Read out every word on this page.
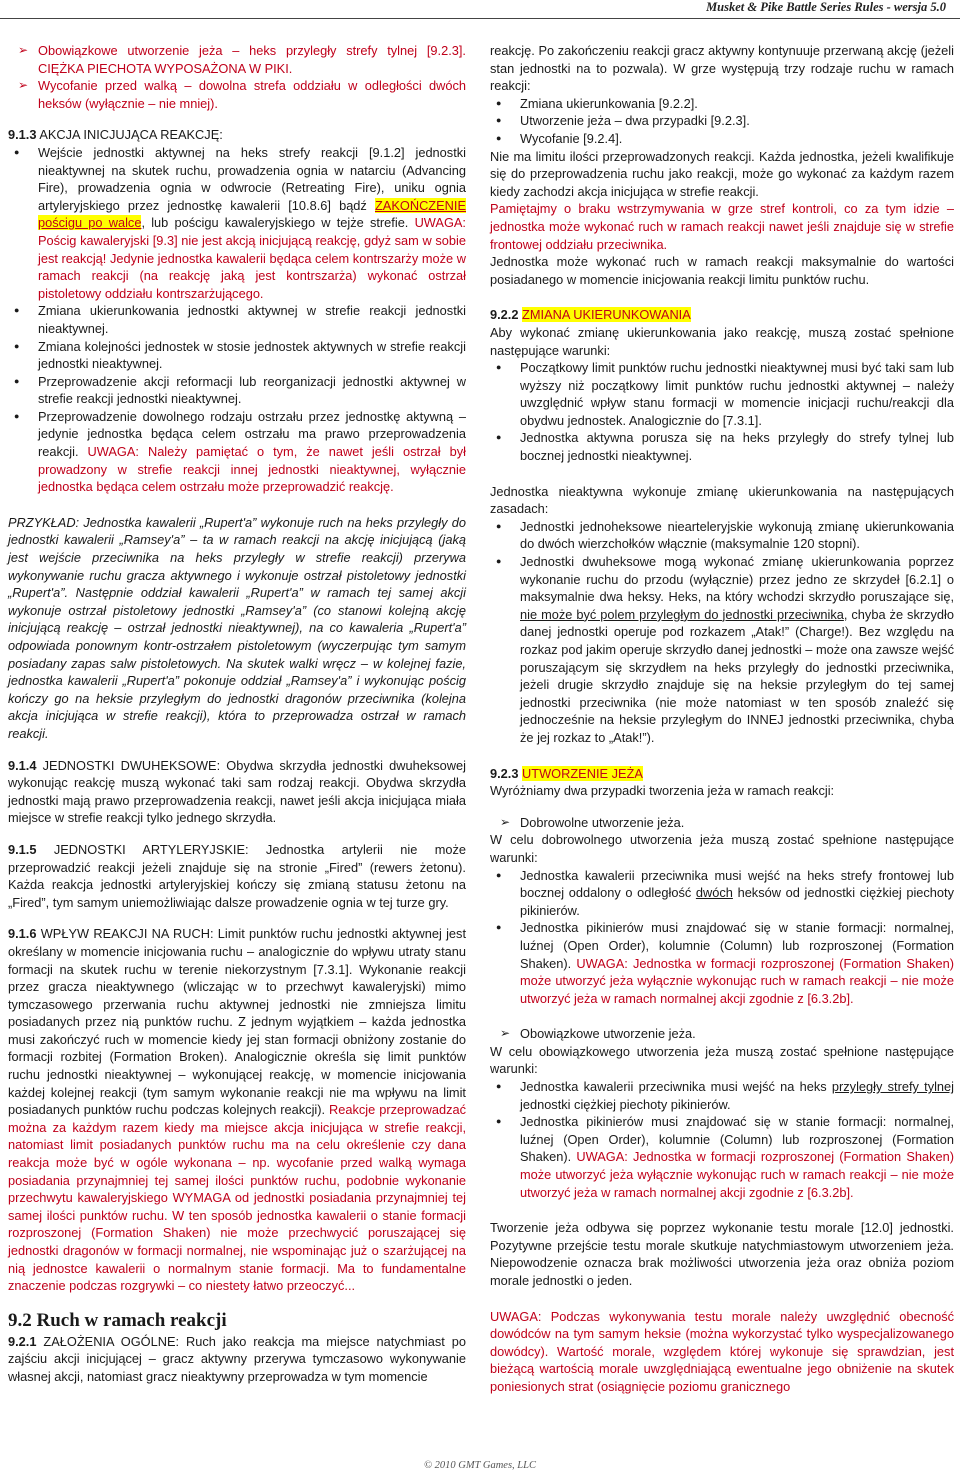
Musket & Pike Battle Series Rules - wersja 5.0

➢ Obowiązkowe utworzenie jeża – heks przyległy strefy tylnej [9.2.3]. CIĘŻKA PIECHOTA WYPOSAŻONA W PIKI.

➢ Wycofanie przed walką – dowolna strefa oddziału w odległości dwóch heksów (wyłącznie – nie mniej).

9.1.3 AKCJA INICJUJĄCA REAKCJĘ:

● Wejście jednostki aktywnej na heks strefy reakcji [9.1.2] jednostki nieaktywnej na skutek ruchu, prowadzenia ognia w natarciu (Advancing Fire), prowadzenia ognia w odwrocie (Retreating Fire), uniku ognia artyleryjskiego przez jednostkę kawalerii [10.8.6] bądź ZAKOŃCZENIE pościgu po walce, lub pościgu kawaleryjskiego w tejże strefie. UWAGA: Pościg kawaleryjski [9.3] nie jest akcją inicjującą reakcję, gdyż sam w sobie jest reakcją! Jedynie jednostka kawalerii będąca celem kontrszarży może w ramach reakcji (na reakcję jaką jest kontrszarża) wykonać ostrzał pistoletowy oddziału kontrszarżującego.

● Zmiana ukierunkowania jednostki aktywnej w strefie reakcji jednostki nieaktywnej.

● Zmiana kolejności jednostek w stosie jednostek aktywnych w strefie reakcji jednostki nieaktywnej.

● Przeprowadzenie akcji reformacji lub reorganizacji jednostki aktywnej w strefie reakcji jednostki nieaktywnej.

● Przeprowadzenie dowolnego rodzaju ostrzału przez jednostkę aktywną – jedynie jednostka będąca celem ostrzału ma prawo przeprowadzenia reakcji. UWAGA: Należy pamiętać o tym, że nawet jeśli ostrzał był prowadzony w strefie reakcji innej jednostki nieaktywnej, wyłącznie jednostka będąca celem ostrzału może przeprowadzić reakcję.

PRZYKŁAD: Jednostka kawalerii „Rupert'a” wykonuje ruch na heks przyległy do jednostki kawalerii „Ramsey'a” – ta w ramach reakcji na akcję inicjującą (jaką jest wejście przeciwnika na heks przyległy w strefie reakcji) przerywa wykonywanie ruchu gracza aktywnego i wykonuje ostrzał pistoletowy jednostki „Rupert'a”. Następnie oddział kawalerii „Rupert'a” w ramach tej samej akcji wykonuje ostrzał pistoletowy jednostki „Ramsey'a” (co stanowi kolejną akcję inicjującą reakcję – ostrzał jednostki nieaktywnej), na co kawaleria „Rupert'a” odpowiada ponownym kontr-ostrzałem pistoletowym (wyczerpując tym samym posiadany zapas salw pistoletowych. Na skutek walki wręcz – w kolejnej fazie, jednostka kawalerii „Rupert'a” pokonuje oddział „Ramsey'a” i wykonując pościg kończy go na heksie przyległym do jednostki dragonów przeciwnika (kolejna akcja inicjująca w strefie reakcji), która to przeprowadza ostrzał w ramach reakcji.

9.1.4 JEDNOSTKI DWUHEKSOWE: Obydwa skrzydła jednostki dwuheksowej wykonując reakcję muszą wykonać taki sam rodzaj reakcji. Obydwa skrzydła jednostki mają prawo przeprowadzenia reakcji, nawet jeśli akcja inicjująca miała miejsce w strefie reakcji tylko jednego skrzydła.

9.1.5 JEDNOSTKI ARTYLERYJSKIE: Jednostka artylerii nie może przeprowadzić reakcji jeżeli znajduje się na stronie „Fired” (rewers żetonu). Każda reakcja jednostki artyleryjskiej kończy się zmianą statusu żetonu na „Fired”, tym samym uniemożliwiając dalsze prowadzenie ognia w tej turze gry.

9.1.6 WPŁYW REAKCJI NA RUCH: Limit punktów ruchu jednostki aktywnej jest określany w momencie inicjowania ruchu – analogicznie do wpływu utraty stanu formacji na skutek ruchu w terenie niekorzystnym [7.3.1]. Wykonanie reakcji przez gracza nieaktywnego (wliczając w to przechwyt kawaleryjski) mimo tymczasowego przerwania ruchu aktywnej jednostki nie zmniejsza limitu posiadanych przez nią punktów ruchu. Z jednym wyjątkiem – każda jednostka musi zakończyć ruch w momencie kiedy jej stan formacji obniżony zostanie do formacji rozbitej (Formation Broken). Analogicznie określa się limit punktów ruchu jednostki nieaktywnej – wykonującej reakcję, w momencie inicjowania każdej kolejnej reakcji (tym samym wykonanie reakcji nie ma wpływu na limit posiadanych punktów ruchu podczas kolejnych reakcji). Reakcje przeprowadzać można za każdym razem kiedy ma miejsce akcja inicjująca w strefie reakcji, natomiast limit posiadanych punktów ruchu ma na celu określenie czy dana reakcja może być w ogóle wykonana – np. wycofanie przed walką wymaga posiadania przynajmniej tej samej ilości punktów ruchu, podobnie wykonanie przechwytu kawaleryjskiego WYMAGA od jednostki posiadania przynajmniej tej samej ilości punktów ruchu. W ten sposób jednostka kawalerii o stanie formacji rozproszonej (Formation Shaken) nie może przechwycić poruszającej się jednostki dragonów w formacji normalnej, nie wspominając już o szarżującej na nią jednostce kawalerii o normalnym stanie formacji. Ma to fundamentalne znaczenie podczas rozgrywki – co niestety łatwo przeoczyć...

9.2 Ruch w ramach reakcji

9.2.1 ZAŁOŻENIA OGÓLNE: Ruch jako reakcja ma miejsce natychmiast po zajściu akcji inicjującej – gracz aktywny przerywa tymczasowo wykonywanie własnej akcji, natomiast gracz nieaktywny przeprowadza w tym momencie

reakcję. Po zakończeniu reakcji gracz aktywny kontynuuje przerwaną akcję (jeżeli stan jednostki na to pozwala). W grze występują trzy rodzaje ruchu w ramach reakcji:

● Zmiana ukierunkowania [9.2.2].

● Utworzenie jeża – dwa przypadki [9.2.3].

● Wycofanie [9.2.4].

Nie ma limitu ilości przeprowadzonych reakcji. Każda jednostka, jeżeli kwalifikuje się do przeprowadzenia ruchu jako reakcji, może go wykonać za każdym razem kiedy zachodzi akcja inicjująca w strefie reakcji.

Pamiętajmy o braku wstrzymywania w grze stref kontroli, co za tym idzie – jednostka może wykonać ruch w ramach reakcji nawet jeśli znajduje się w strefie frontowej oddziału przeciwnika.

Jednostka może wykonać ruch w ramach reakcji maksymalnie do wartości posiadanego w momencie inicjowania reakcji limitu punktów ruchu.

9.2.2 ZMIANA UKIERUNKOWANIA

Aby wykonać zmianę ukierunkowania jako reakcję, muszą zostać spełnione następujące warunki:

● Początkowy limit punktów ruchu jednostki nieaktywnej musi być taki sam lub wyższy niż początkowy limit punktów ruchu jednostki aktywnej – należy uwzględnić wpływ stanu formacji w momencie inicjacji ruchu/reakcji dla obydwu jednostek. Analogicznie do [7.3.1].

● Jednostka aktywna porusza się na heks przyległy do strefy tylnej lub bocznej jednostki nieaktywnej.

Jednostka nieaktywna wykonuje zmianę ukierunkowania na następujących zasadach:

● Jednostki jednoheksowe niearteleryjskie wykonują zmianę ukierunkowania do dwóch wierzchołków włącznie (maksymalnie 120 stopni).

● Jednostki dwuheksowe mogą wykonać zmianę ukierunkowania poprzez wykonanie ruchu do przodu (wyłącznie) przez jedno ze skrzydeł [6.2.1] o maksymalnie dwa heksy. Heks, na który wchodzi skrzydło poruszające się, nie może być polem przyległym do jednostki przeciwnika, chyba że skrzydło danej jednostki operuje pod rozkazem „Atak!” (Charge!). Bez względu na rozkaz pod jakim operuje skrzydło danej jednostki – może ona zawsze wejść poruszającym się skrzydłem na heks przyległy do jednostki przeciwnika, jeżeli drugie skrzydło znajduje się na heksie przyległym do tej samej jednostki przeciwnika (nie może natomiast w ten sposób znaleźć się jednocześnie na heksie przyległym do INNEJ jednostki przeciwnika, chyba że jej rozkaz to „Atak!”).

9.2.3 UTWORZENIE JEŻA

Wyróżniamy dwa przypadki tworzenia jeża w ramach reakcji:

➢ Dobrowolne utworzenie jeża.

W celu dobrowolnego utworzenia jeża muszą zostać spełnione następujące warunki:

● Jednostka kawalerii przeciwnika musi wejść na heks strefy frontowej lub bocznej oddalony o odległość dwóch heksów od jednostki ciężkiej piechoty pikinierów.

● Jednostka pikinierów musi znajdować się w stanie formacji: normalnej, luźnej (Open Order), kolumnie (Column) lub rozproszonej (Formation Shaken). UWAGA: Jednostka w formacji rozproszonej (Formation Shaken) może utworzyć jeża wyłącznie wykonując ruch w ramach reakcji – nie może utworzyć jeża w ramach normalnej akcji zgodnie z [6.3.2b].

➢ Obowiązkowe utworzenie jeża.

W celu obowiązkowego utworzenia jeża muszą zostać spełnione następujące warunki:

● Jednostka kawalerii przeciwnika musi wejść na heks przyległy strefy tylnej jednostki ciężkiej piechoty pikinierów.

● Jednostka pikinierów musi znajdować się w stanie formacji: normalnej, luźnej (Open Order), kolumnie (Column) lub rozproszonej (Formation Shaken). UWAGA: Jednostka w formacji rozproszonej (Formation Shaken) może utworzyć jeża wyłącznie wykonując ruch w ramach reakcji – nie może utworzyć jeża w ramach normalnej akcji zgodnie z [6.3.2b].

Tworzenie jeża odbywa się poprzez wykonanie testu morale [12.0] jednostki. Pozytywne przejście testu morale skutkuje natychmiastowym utworzeniem jeża. Niepowodzenie oznacza brak możliwości utworzenia jeża oraz obniża poziom morale jednostki o jeden.

UWAGA: Podczas wykonywania testu morale należy uwzględnić obecność dowódców na tym samym heksie (można wykorzystać tylko wyspecjalizowanego dowódcy). Wartość morale, względem której wykonuje się sprawdzian, jest bieżącą wartością morale uwzględniającą ewentualne jego obniżenie na skutek poniesionych strat (osiągnięcie poziomu granicznego

© 2010 GMT Games, LLC
